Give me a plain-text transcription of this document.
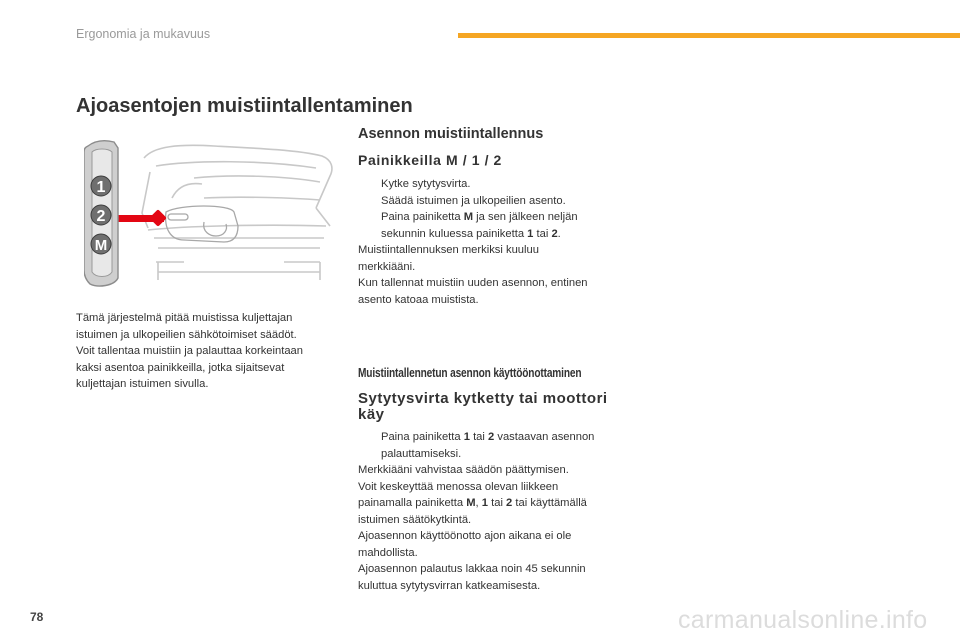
Ergonomia ja mukavuus
Ajoasentojen muistiintallentaminen
1
2
M

Tämä järjestelmä pitää muistissa kuljettajan

istuimen ja ulkopeilien sähkötoimiset säädöt.

Voit tallentaa muistiin ja palauttaa korkeintaan

kaksi asentoa painikkeilla, jotka sijaitsevat

kuljettajan istuimen sivulla.

Asennon muistiintallennus
Painikkeilla M / 1 / 2
Kytke sytytysvirta.
Säädä istuimen ja ulkopeilien asento.
Paina painiketta M ja sen jälkeen neljän sekunnin kuluessa painiketta 1 tai 2.

Muistiintallennuksen merkiksi kuuluu

merkkiääni.

Kun tallennat muistiin uuden asennon, entinen

asento katoaa muistista.

Muistiintallennetun asennon käyttöönottaminen
Sytytysvirta kytketty tai moottori
käy
Paina painiketta 1 tai 2 vastaavan asennon palauttamiseksi.

Merkkiääni vahvistaa säädön päättymisen.

Voit keskeyttää menossa olevan liikkeen

painamalla painiketta M, 1 tai 2 tai käyttämällä

istuimen säätökytkintä.

Ajoasennon käyttöönotto ajon aikana ei ole

mahdollista.

Ajoasennon palautus lakkaa noin 45 sekunnin

kuluttua sytytysvirran katkeamisesta.

78	carmanualsonline.info
